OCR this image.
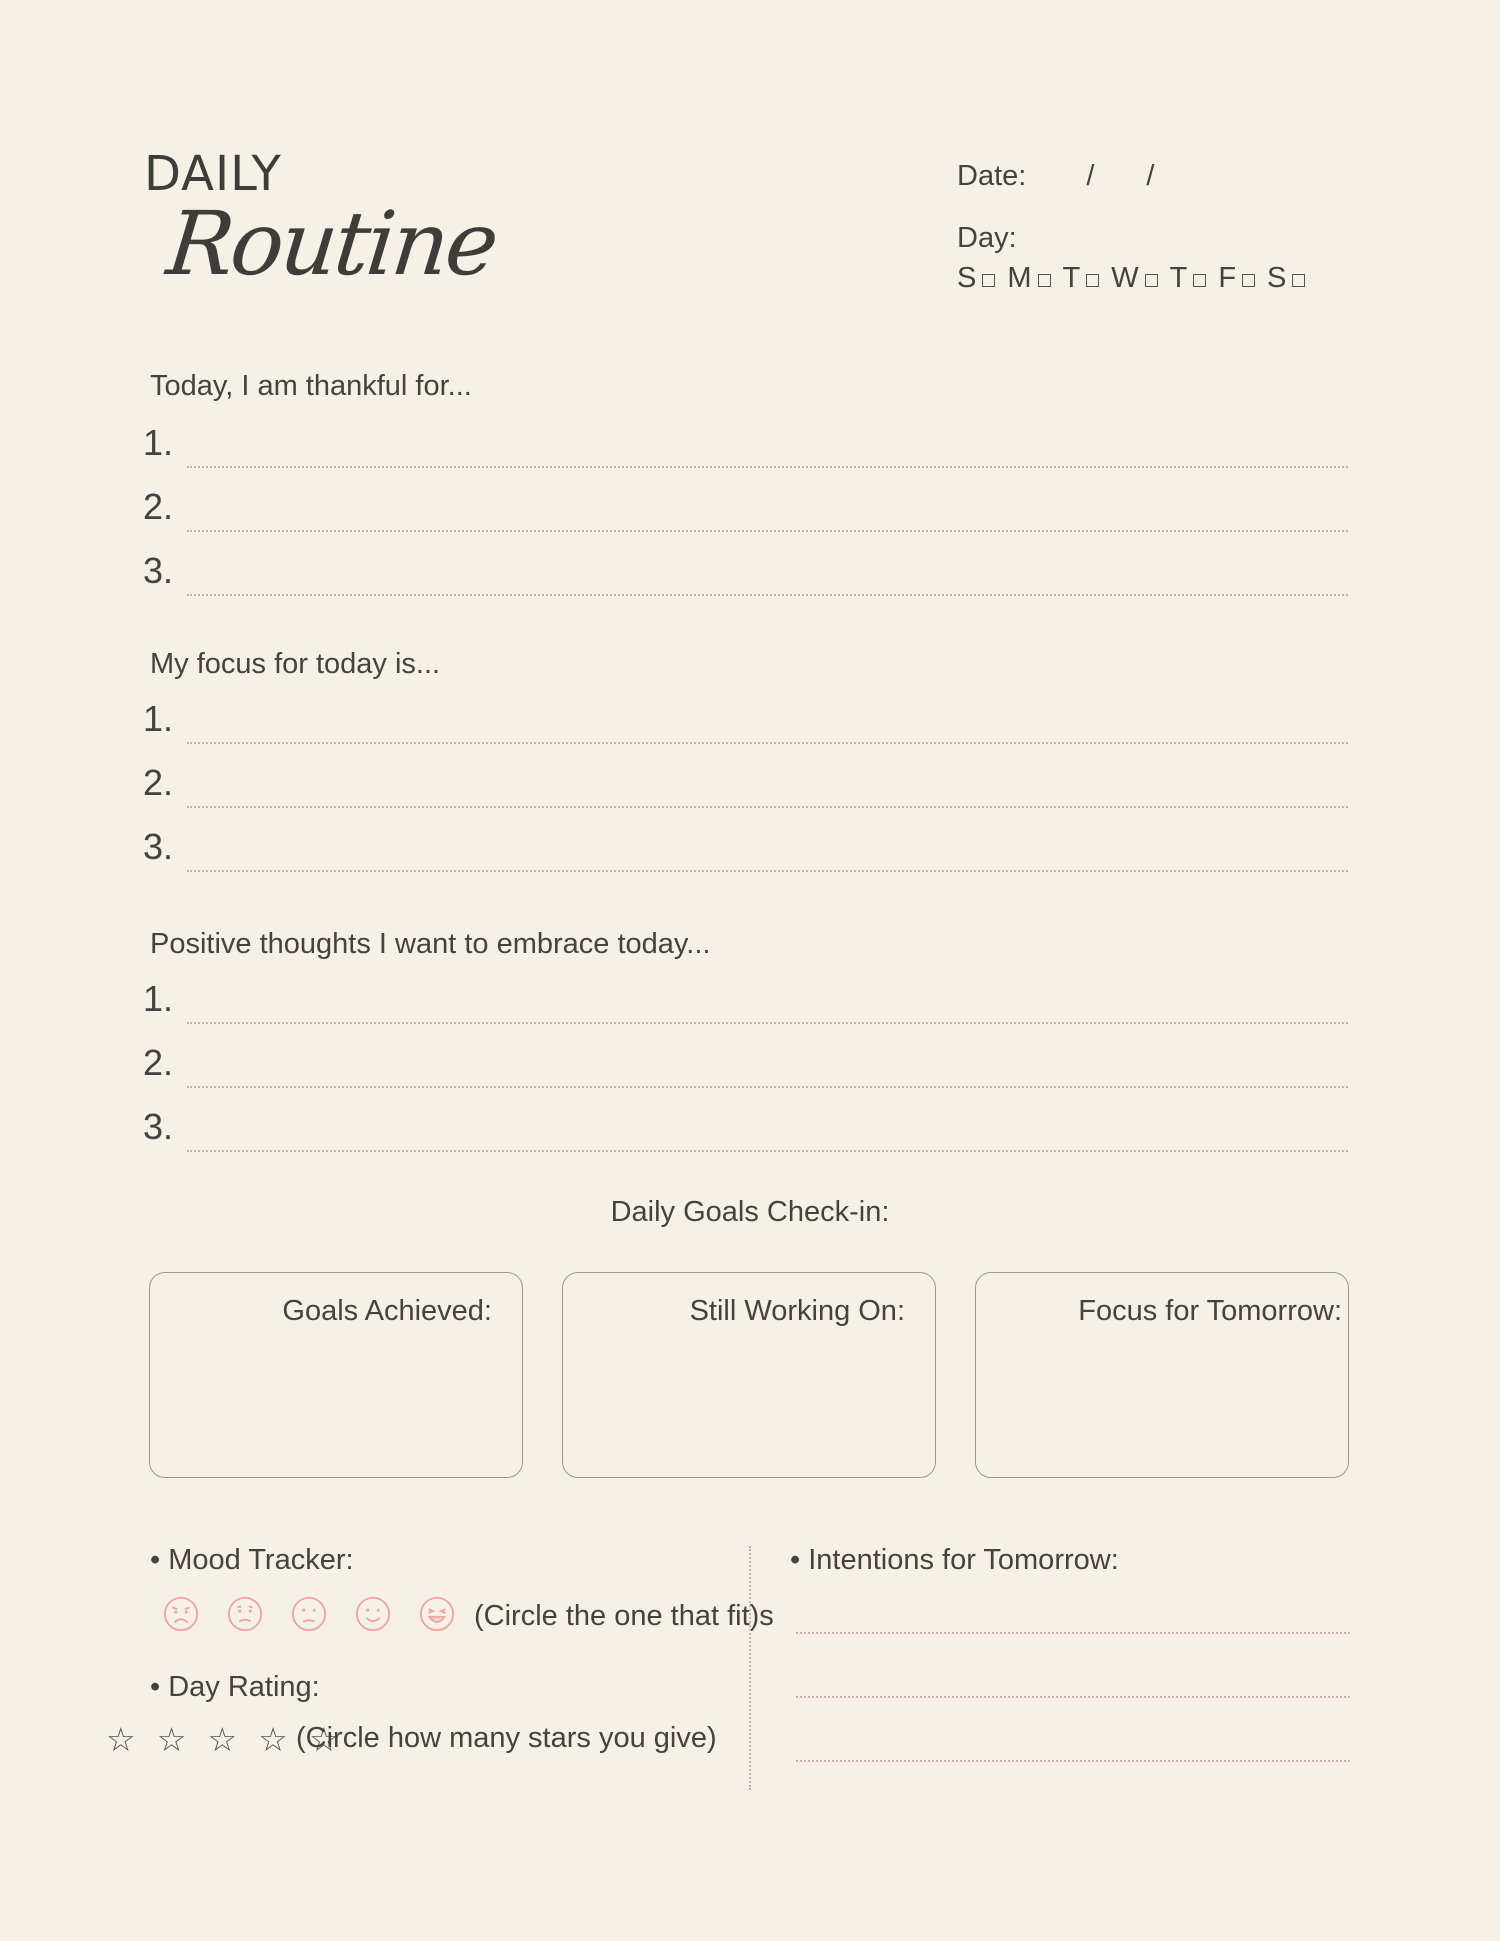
DAILY
Routine
Date: / /
Day:
S M T W T F S
Today, I am thankful for...
1.
2.
3.
My focus for today is...
1.
2.
3.
Positive thoughts I want to embrace today...
1.
2.
3.
Daily Goals Check-in:
Goals Achieved:	Still Working On:	Focus for Tomorrow:
• Mood Tracker:
(Circle the one that fit)s
• Day Rating:
☆ ☆ ☆ ☆ ☆
(Circle how many stars you give)
• Intentions for Tomorrow:
